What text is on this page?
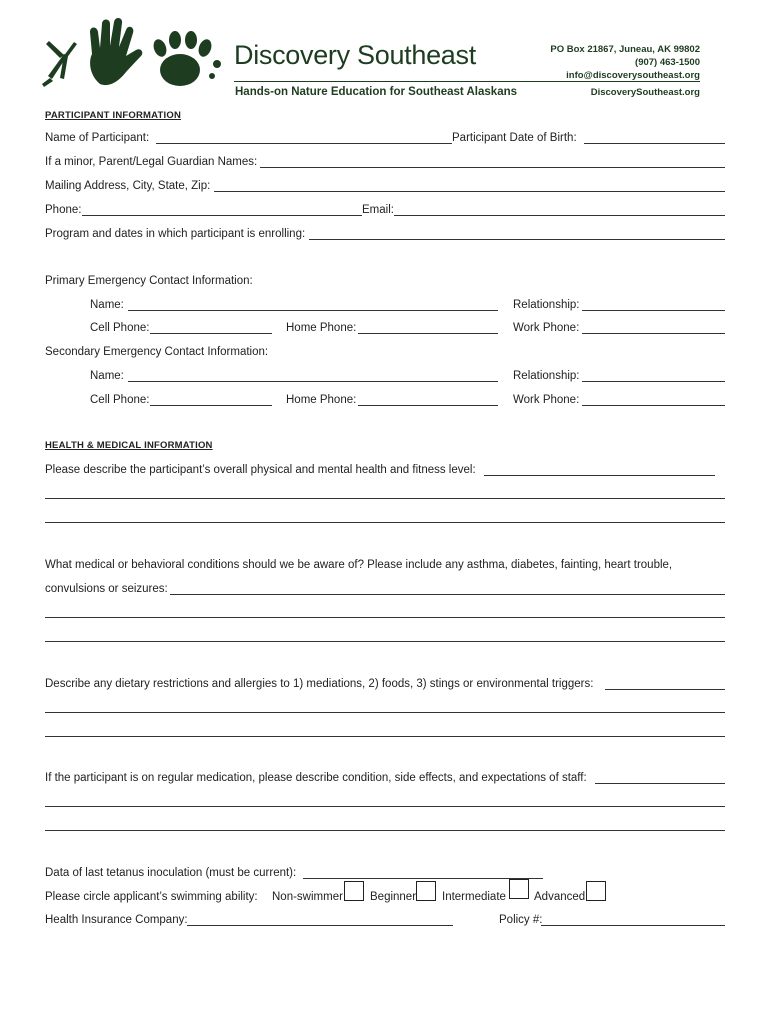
Discovery Southeast
Hands-on Nature Education for Southeast Alaskans
PO Box 21867, Juneau, AK 99802
(907) 463-1500
info@discoverysoutheast.org
DiscoverySoutheast.org
PARTICIPANT INFORMATION
Name of Participant:	Participant Date of Birth:
If a minor, Parent/Legal Guardian Names:
Mailing Address, City, State, Zip:
Phone:	Email:
Program and dates in which participant is enrolling:
Primary Emergency Contact Information:
Name:	Relationship:
Cell Phone:	Home Phone:	Work Phone:
Secondary Emergency Contact Information:
Name:	Relationship:
Cell Phone:	Home Phone:	Work Phone:
HEALTH & MEDICAL INFORMATION
Please describe the participant’s overall physical and mental health and fitness level:
What medical or behavioral conditions should we be aware of? Please include any asthma, diabetes, fainting, heart trouble,
convulsions or seizures:
Describe any dietary restrictions and allergies to 1) mediations, 2) foods, 3) stings or environmental triggers:
If the participant is on regular medication, please describe condition, side effects, and expectations of staff:
Data of last tetanus inoculation (must be current):
Please circle applicant’s swimming ability: Non-swimmer Beginner Intermediate Advanced
Health Insurance Company:	Policy #:
